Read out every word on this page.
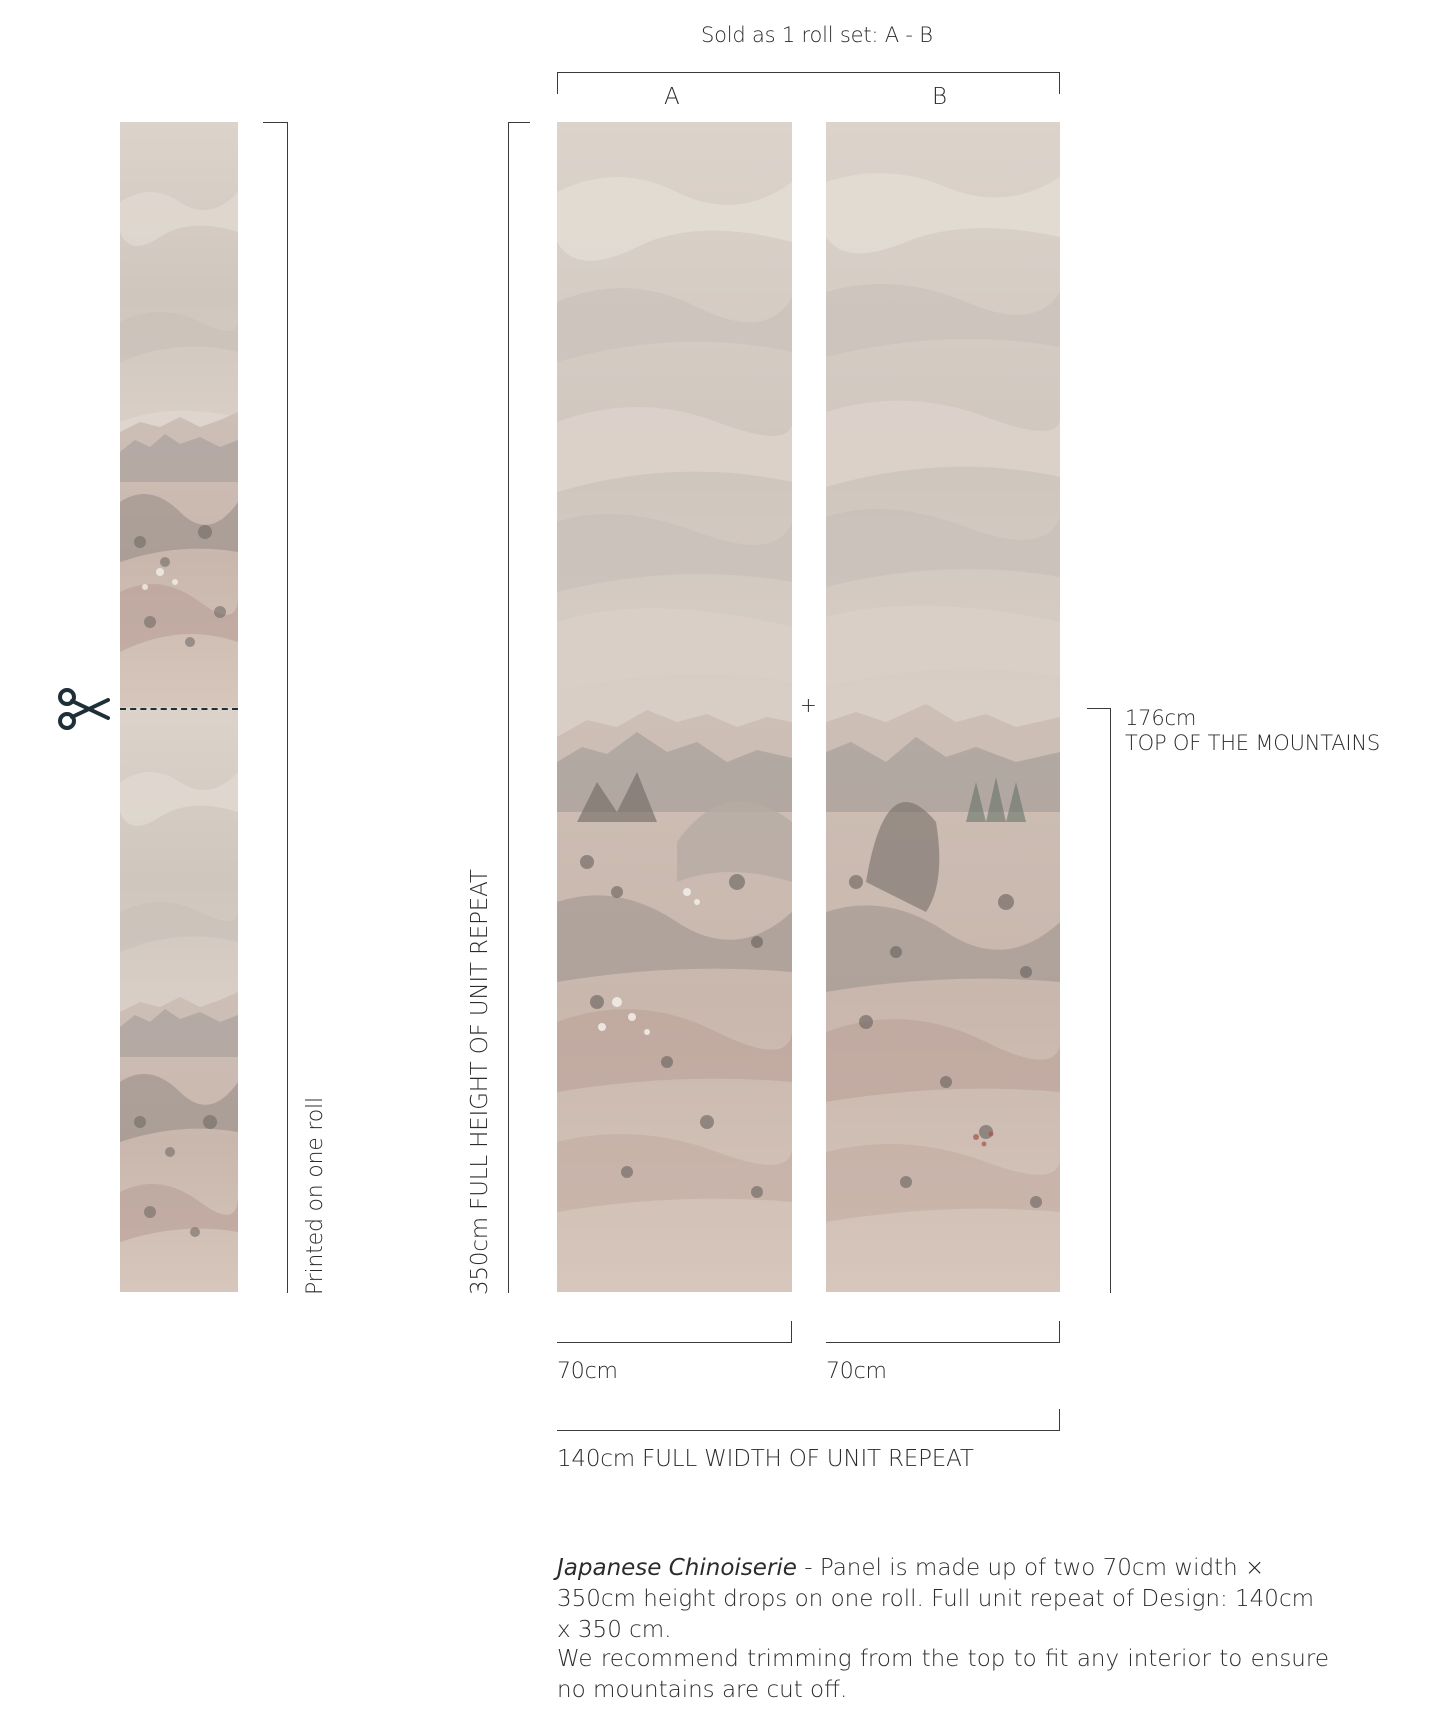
Sold as 1 roll set: A - B
A	B
Printed on one roll	350cm FULL HEIGHT OF UNIT REPEAT
+
176cm
TOP OF THE MOUNTAINS
70cm	70cm
140cm FULL WIDTH OF UNIT REPEAT
Japanese Chinoiserie - Panel is made up of two 70cm width × 350cm height drops on one roll. Full unit repeat of Design: 140cm x 350 cm.
We recommend trimming from the top to fit any interior to ensure no mountains are cut off.
